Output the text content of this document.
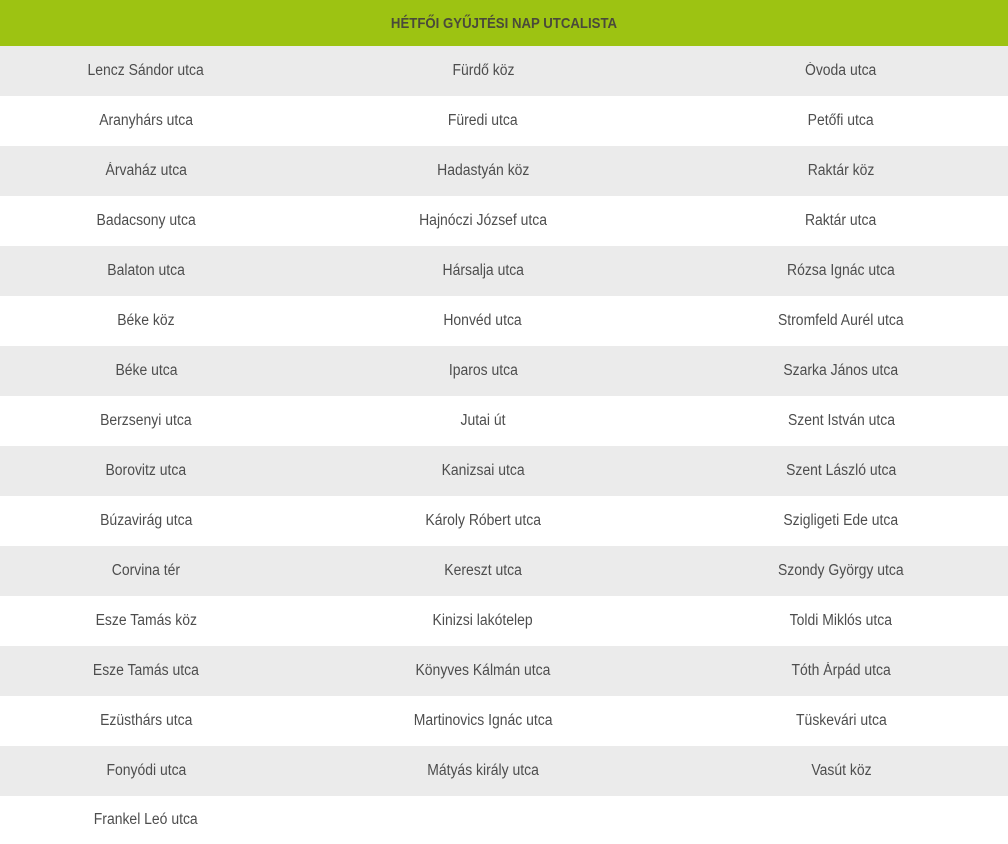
HÉTFŐI GYŰJTÉSI NAP UTCALISTA		
Lencz Sándor utca	Fürdő köz	Óvoda utca
Aranyhárs utca	Füredi utca	Petőfi utca
Árvaház utca	Hadastyán köz	Raktár köz
Badacsony utca	Hajnóczi József utca	Raktár utca
Balaton utca	Hársalja utca	Rózsa Ignác utca
Béke köz	Honvéd utca	Stromfeld Aurél utca
Béke utca	Iparos utca	Szarka János utca
Berzsenyi utca	Jutai út	Szent István utca
Borovitz utca	Kanizsai utca	Szent László utca
Búzavirág utca	Károly Róbert utca	Szigligeti Ede utca
Corvina tér	Kereszt utca	Szondy György utca
Esze Tamás köz	Kinizsi lakótelep	Toldi Miklós utca
Esze Tamás utca	Könyves Kálmán utca	Tóth Árpád utca
Ezüsthárs utca	Martinovics Ignác utca	Tüskevári utca
Fonyódi utca	Mátyás király utca	Vasút köz
Frankel Leó utca		
